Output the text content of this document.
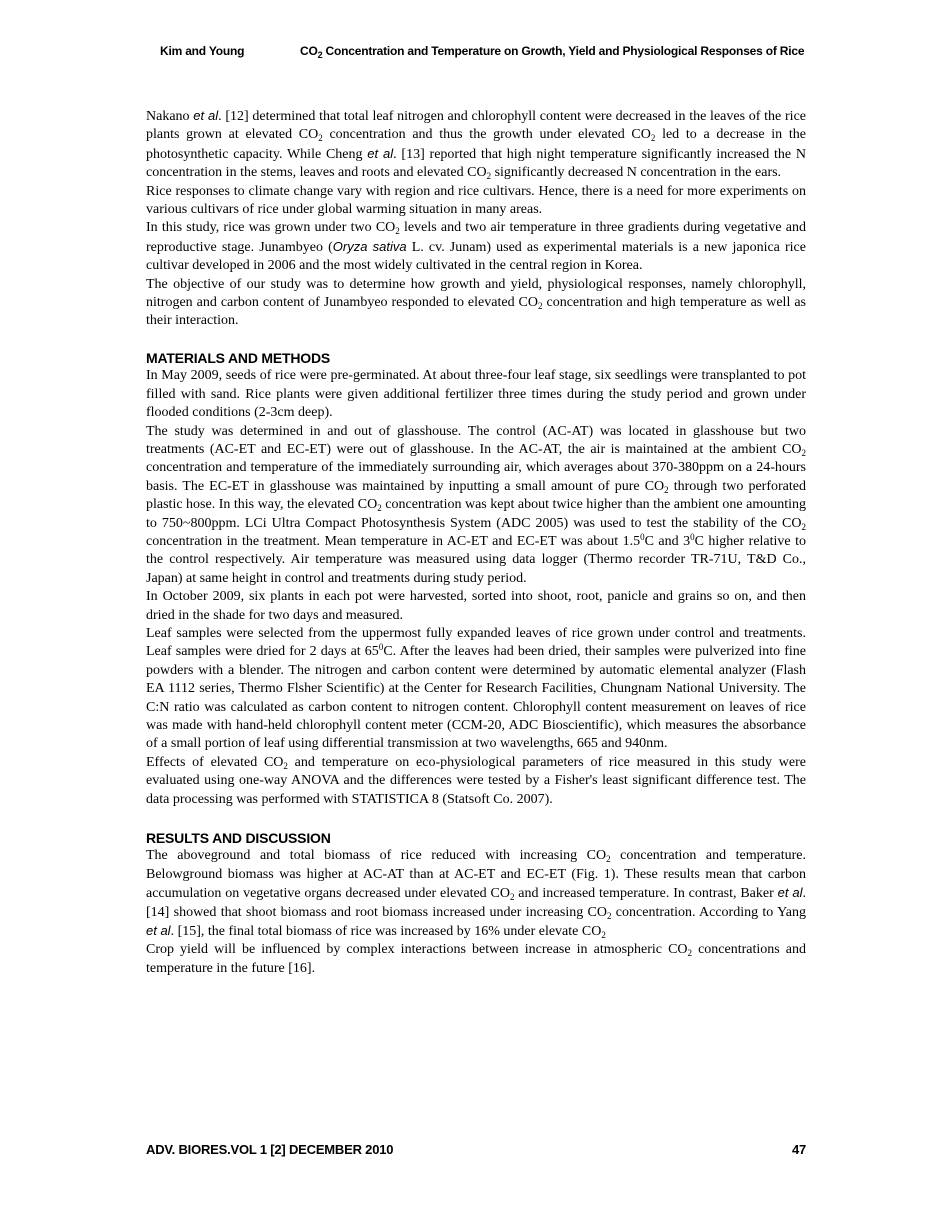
Kim and Young	$CO_2$ Concentration and Temperature on Growth, Yield and Physiological Responses of Rice

Nakano et al. [12] determined that total leaf nitrogen and chlorophyll content were decreased in the leaves of the rice plants grown at elevated $CO_2$ concentration and thus the growth under elevated $CO_2$ led to a decrease in the photosynthetic capacity. While Cheng et al. [13] reported that high night temperature significantly increased the N concentration in the stems, leaves and roots and elevated $CO_2$ significantly decreased N concentration in the ears.

Rice responses to climate change vary with region and rice cultivars. Hence, there is a need for more experiments on various cultivars of rice under global warming situation in many areas.

In this study, rice was grown under two $CO_2$ levels and two air temperature in three gradients during vegetative and reproductive stage. Junambyeo (Oryza sativa L. cv. Junam) used as experimental materials is a new japonica rice cultivar developed in 2006 and the most widely cultivated in the central region in Korea.

The objective of our study was to determine how growth and yield, physiological responses, namely chlorophyll, nitrogen and carbon content of Junambyeo responded to elevated $CO_2$ concentration and high temperature as well as their interaction.

MATERIALS AND METHODS

In May 2009, seeds of rice were pre-germinated. At about three-four leaf stage, six seedlings were transplanted to pot filled with sand. Rice plants were given additional fertilizer three times during the study period and grown under flooded conditions (2-3cm deep).

The study was determined in and out of glasshouse. The control (AC-AT) was located in glasshouse but two treatments (AC-ET and EC-ET) were out of glasshouse. In the AC-AT, the air is maintained at the ambient $CO_2$ concentration and temperature of the immediately surrounding air, which averages about 370-380ppm on a 24-hours basis. The EC-ET in glasshouse was maintained by inputting a small amount of pure $CO_2$ through two perforated plastic hose. In this way, the elevated $CO_2$ concentration was kept about twice higher than the ambient one amounting to 750~800ppm. LCi Ultra Compact Photosynthesis System (ADC 2005) was used to test the stability of the $CO_2$ concentration in the treatment. Mean temperature in AC-ET and EC-ET was about $1.5^0C$ and $3^0C$ higher relative to the control respectively. Air temperature was measured using data logger (Thermo recorder TR-71U, T&D Co., Japan) at same height in control and treatments during study period.

In October 2009, six plants in each pot were harvested, sorted into shoot, root, panicle and grains so on, and then dried in the shade for two days and measured.

Leaf samples were selected from the uppermost fully expanded leaves of rice grown under control and treatments. Leaf samples were dried for 2 days at $65^0C$. After the leaves had been dried, their samples were pulverized into fine powders with a blender. The nitrogen and carbon content were determined by automatic elemental analyzer (Flash EA 1112 series, Thermo Flsher Scientific) at the Center for Research Facilities, Chungnam National University. The C:N ratio was calculated as carbon content to nitrogen content. Chlorophyll content measurement on leaves of rice was made with hand-held chlorophyll content meter (CCM-20, ADC Bioscientific), which measures the absorbance of a small portion of leaf using differential transmission at two wavelengths, 665 and 940nm.

Effects of elevated $CO_2$ and temperature on eco-physiological parameters of rice measured in this study were evaluated using one-way ANOVA and the differences were tested by a Fisher's least significant difference test. The data processing was performed with STATISTICA 8 (Statsoft Co. 2007).

RESULTS AND DISCUSSION

The aboveground and total biomass of rice reduced with increasing $CO_2$ concentration and temperature. Belowground biomass was higher at AC-AT than at AC-ET and EC-ET (Fig. 1). These results mean that carbon accumulation on vegetative organs decreased under elevated $CO_2$ and increased temperature. In contrast, Baker et al. [14] showed that shoot biomass and root biomass increased under increasing $CO_2$ concentration. According to Yang et al. [15], the final total biomass of rice was increased by 16% under elevate $CO_2$

Crop yield will be influenced by complex interactions between increase in atmospheric $CO_2$ concentrations and temperature in the future [16].

ADV. BIORES.VOL 1 [2] DECEMBER 2010	47
